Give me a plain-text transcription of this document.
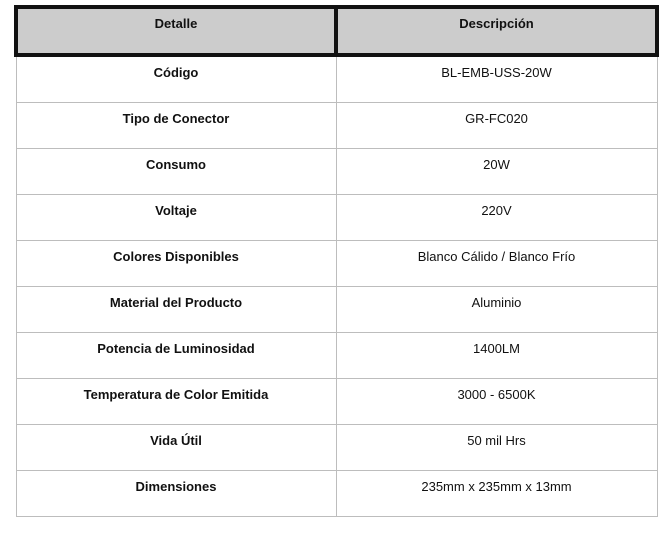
Detalle	Descripción
Código	BL-EMB-USS-20W
Tipo de Conector	GR-FC020
Consumo	20W
Voltaje	220V
Colores Disponibles	Blanco Cálido / Blanco Frío
Material del Producto	Aluminio
Potencia de Luminosidad	1400LM
Temperatura de Color Emitida	3000 - 6500K
Vida Útil	50 mil Hrs
Dimensiones	235mm x 235mm x 13mm
